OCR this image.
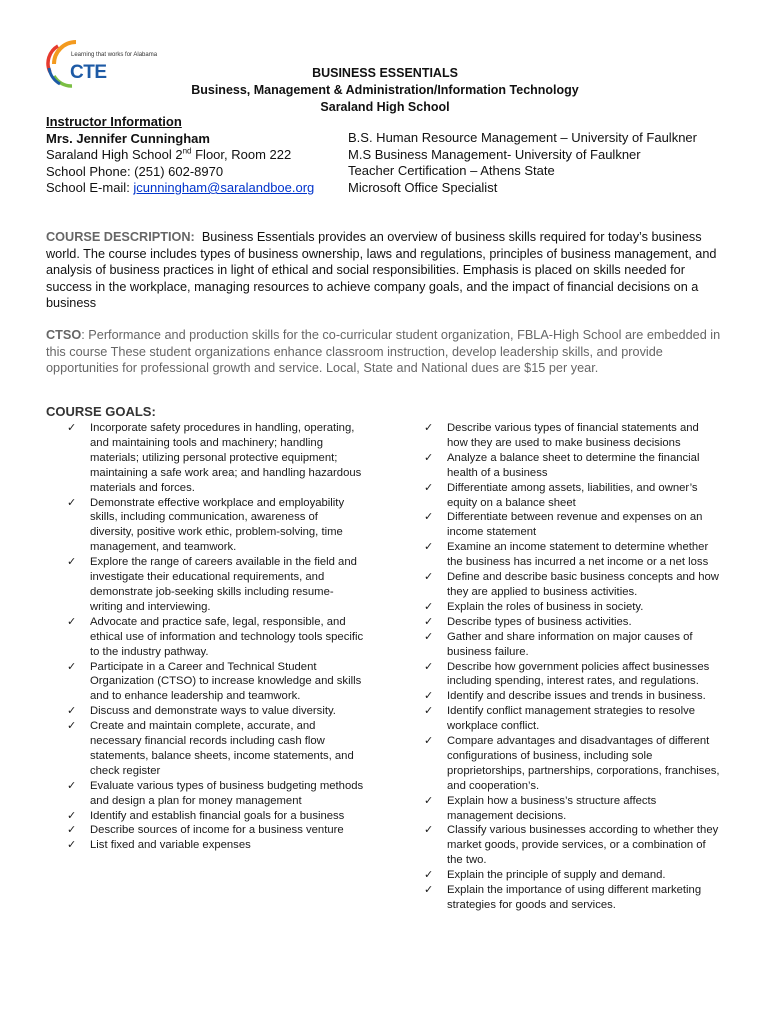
Learning that works for Alabama
CTE	BUSINESS ESSENTIALS
Business, Management & Administration/Information Technology
Saraland High School
Instructor Information
Mrs. Jennifer Cunningham
Saraland High School 2nd Floor, Room 222
School Phone: (251) 602-8970
School E-mail: jcunningham@saralandboe.org
B.S. Human Resource Management – University of Faulkner
M.S Business Management- University of Faulkner
Teacher Certification – Athens State
Microsoft Office Specialist
COURSE DESCRIPTION: Business Essentials provides an overview of business skills required for today’s business world. The course includes types of business ownership, laws and regulations, principles of business management, and analysis of business practices in light of ethical and social responsibilities. Emphasis is placed on skills needed for success in the workplace, managing resources to achieve company goals, and the impact of financial decisions on a business
CTSO: Performance and production skills for the co-curricular student organization, FBLA-High School are embedded in this course These student organizations enhance classroom instruction, develop leadership skills, and provide opportunities for professional growth and service. Local, State and National dues are $15 per year.
COURSE GOALS:
✓ Incorporate safety procedures in handling, operating, and maintaining tools and machinery; handling materials; utilizing personal protective equipment; maintaining a safe work area; and handling hazardous materials and forces.
✓ Demonstrate effective workplace and employability skills, including communication, awareness of diversity, positive work ethic, problem-solving, time management, and teamwork.
✓ Explore the range of careers available in the field and investigate their educational requirements, and demonstrate job-seeking skills including resume-writing and interviewing.
✓ Advocate and practice safe, legal, responsible, and ethical use of information and technology tools specific to the industry pathway.
✓ Participate in a Career and Technical Student Organization (CTSO) to increase knowledge and skills and to enhance leadership and teamwork.
✓ Discuss and demonstrate ways to value diversity.
✓ Create and maintain complete, accurate, and necessary financial records including cash flow statements, balance sheets, income statements, and check register
✓ Evaluate various types of business budgeting methods and design a plan for money management
✓ Identify and establish financial goals for a business
✓ Describe sources of income for a business venture
✓ List fixed and variable expenses
✓ Describe various types of financial statements and how they are used to make business decisions
✓ Analyze a balance sheet to determine the financial health of a business
✓ Differentiate among assets, liabilities, and owner’s equity on a balance sheet
✓ Differentiate between revenue and expenses on an income statement
✓ Examine an income statement to determine whether the business has incurred a net income or a net loss
✓ Define and describe basic business concepts and how they are applied to business activities.
✓ Explain the roles of business in society.
✓ Describe types of business activities.
✓ Gather and share information on major causes of business failure.
✓ Describe how government policies affect businesses including spending, interest rates, and regulations.
✓ Identify and describe issues and trends in business.
✓ Identify conflict management strategies to resolve workplace conflict.
✓ Compare advantages and disadvantages of different configurations of business, including sole proprietorships, partnerships, corporations, franchises, and cooperation’s.
✓ Explain how a business’s structure affects management decisions.
✓ Classify various businesses according to whether they market goods, provide services, or a combination of the two.
✓ Explain the principle of supply and demand.
✓ Explain the importance of using different marketing strategies for goods and services.
